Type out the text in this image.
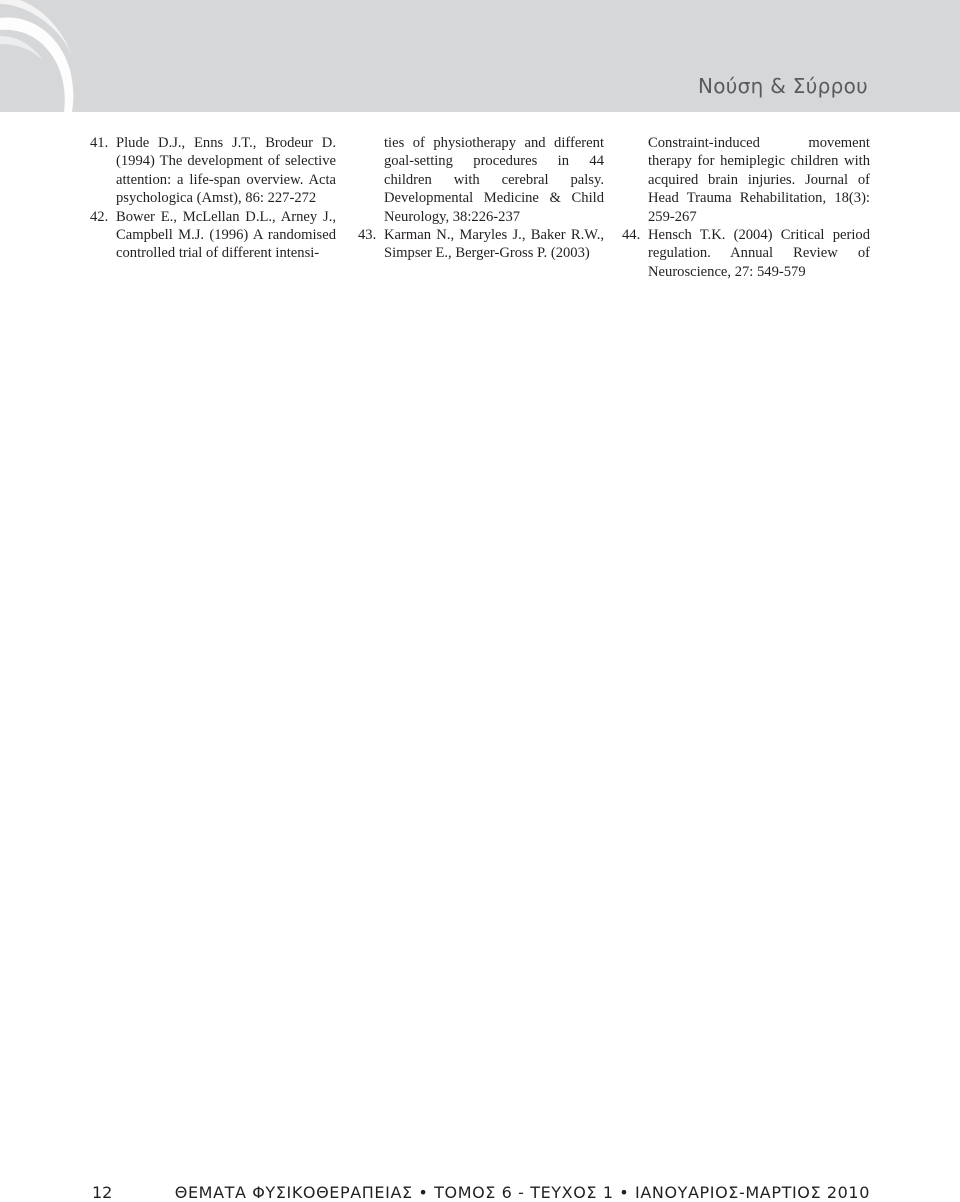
Νούση & Σύρρου

41. Plude D.J., Enns J.T., Brodeur D. (1994) The development of selective attention: a life-span overview. Acta psychologica (Amst), 86: 227-272

42. Bower E., McLellan D.L., Arney J., Campbell M.J. (1996) A randomised controlled trial of different intensi-

ties of physiotherapy and different goal-setting procedures in 44 children with cerebral palsy. Developmental Medicine & Child Neurology, 38:226-237

43. Karman N., Maryles J., Baker R.W., Simpser E., Berger-Gross P. (2003)

Constraint-induced movement therapy for hemiplegic children with acquired brain injuries. Journal of Head Trauma Rehabilitation, 18(3): 259-267

44. Hensch T.K. (2004) Critical period regulation. Annual Review of Neuroscience, 27: 549-579

12	ΘΕΜΑΤΑ ΦΥΣΙΚΟΘΕΡΑΠΕΙΑΣ • ΤΟΜΟΣ 6 - ΤΕΥΧΟΣ 1 • ΙΑΝΟΥΑΡΙΟΣ-ΜΑΡΤΙΟΣ 2010
